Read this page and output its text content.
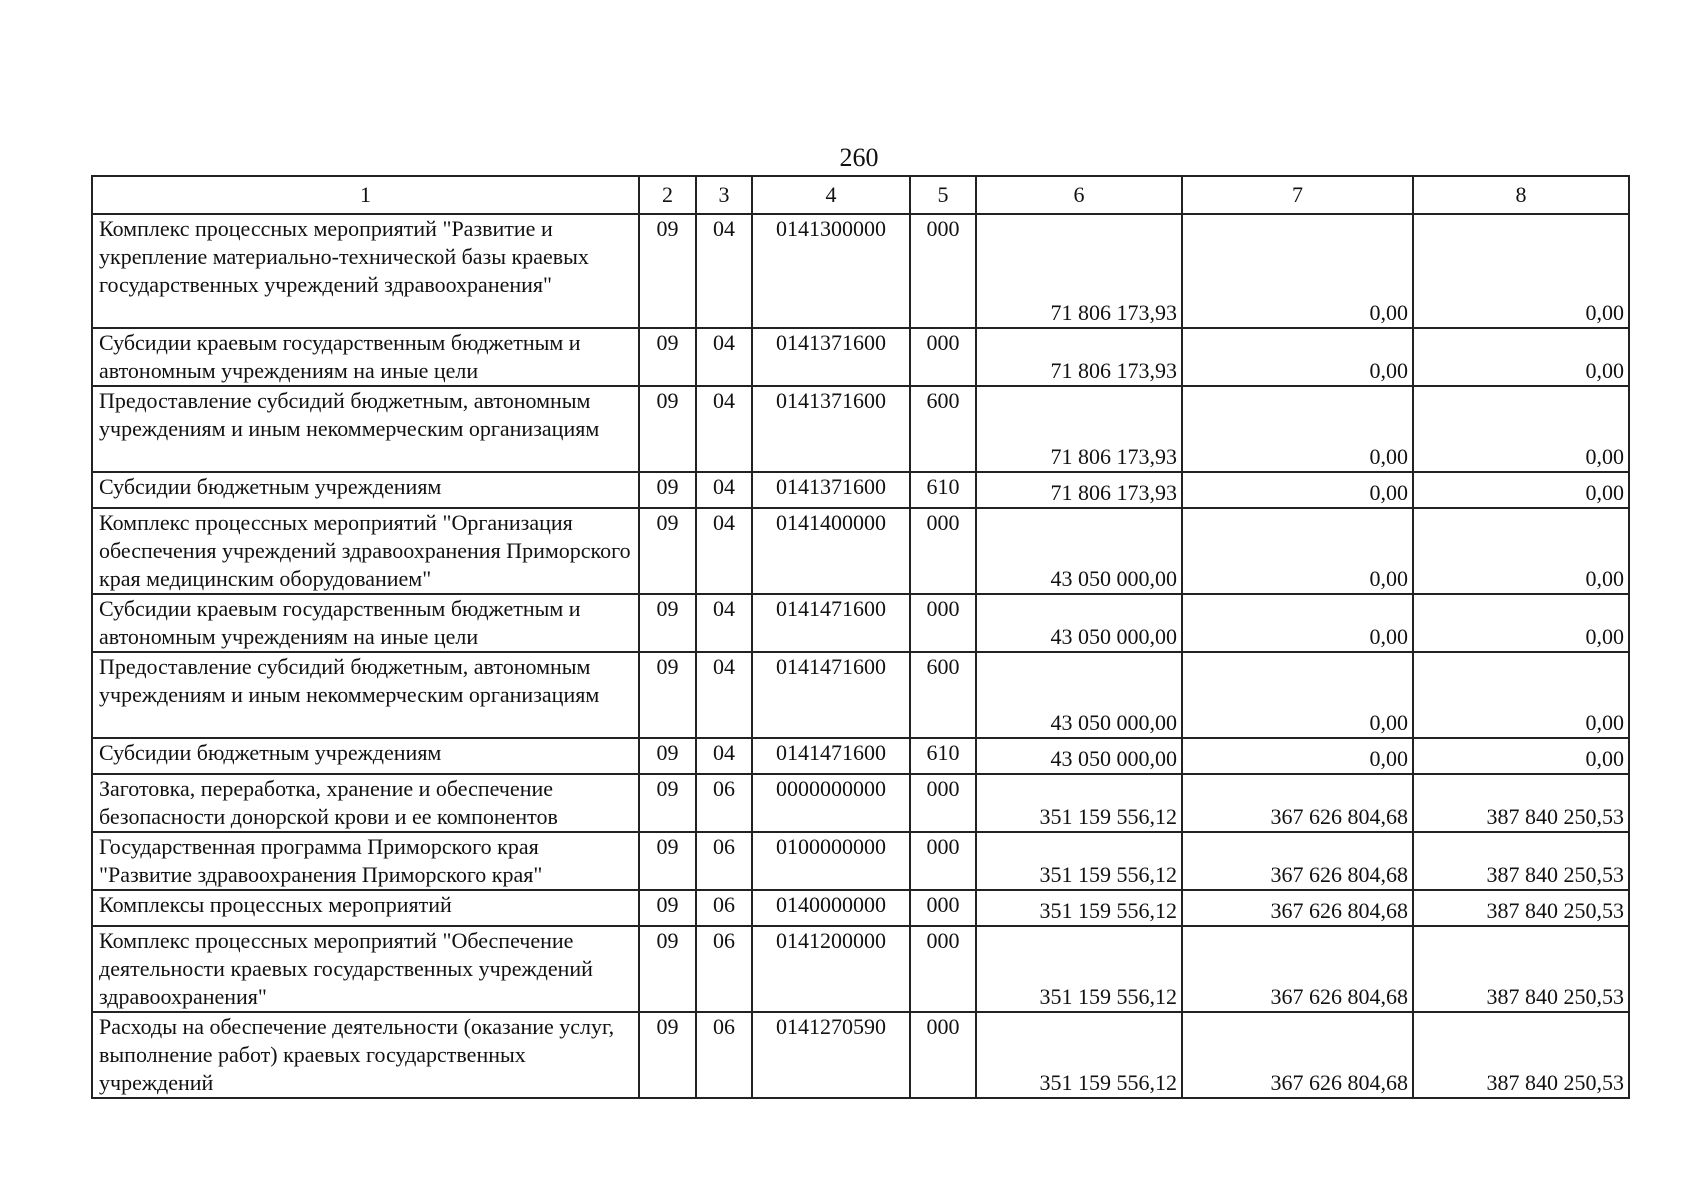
260
1	2	3	4	5	6	7	8
Комплекс процессных мероприятий "Развитие и укрепление материально-технической базы краевых государственных учреждений здравоохранения"	09	04	0141300000	000	71 806 173,93	0,00	0,00
Субсидии краевым государственным бюджетным и автономным учреждениям на иные цели	09	04	0141371600	000	71 806 173,93	0,00	0,00
Предоставление субсидий бюджетным, автономным учреждениям и иным некоммерческим организациям	09	04	0141371600	600	71 806 173,93	0,00	0,00
Субсидии бюджетным учреждениям	09	04	0141371600	610	71 806 173,93	0,00	0,00
Комплекс процессных мероприятий "Организация обеспечения учреждений здравоохранения Приморского края медицинским оборудованием"	09	04	0141400000	000	43 050 000,00	0,00	0,00
Субсидии краевым государственным бюджетным и автономным учреждениям на иные цели	09	04	0141471600	000	43 050 000,00	0,00	0,00
Предоставление субсидий бюджетным, автономным учреждениям и иным некоммерческим организациям	09	04	0141471600	600	43 050 000,00	0,00	0,00
Субсидии бюджетным учреждениям	09	04	0141471600	610	43 050 000,00	0,00	0,00
Заготовка, переработка, хранение и обеспечение безопасности донорской крови и ее компонентов	09	06	0000000000	000	351 159 556,12	367 626 804,68	387 840 250,53
Государственная программа Приморского края "Развитие здравоохранения Приморского края"	09	06	0100000000	000	351 159 556,12	367 626 804,68	387 840 250,53
Комплексы процессных мероприятий	09	06	0140000000	000	351 159 556,12	367 626 804,68	387 840 250,53
Комплекс процессных мероприятий "Обеспечение деятельности краевых государственных учреждений здравоохранения"	09	06	0141200000	000	351 159 556,12	367 626 804,68	387 840 250,53
Расходы на обеспечение деятельности (оказание услуг, выполнение работ) краевых государственных учреждений	09	06	0141270590	000	351 159 556,12	367 626 804,68	387 840 250,53
